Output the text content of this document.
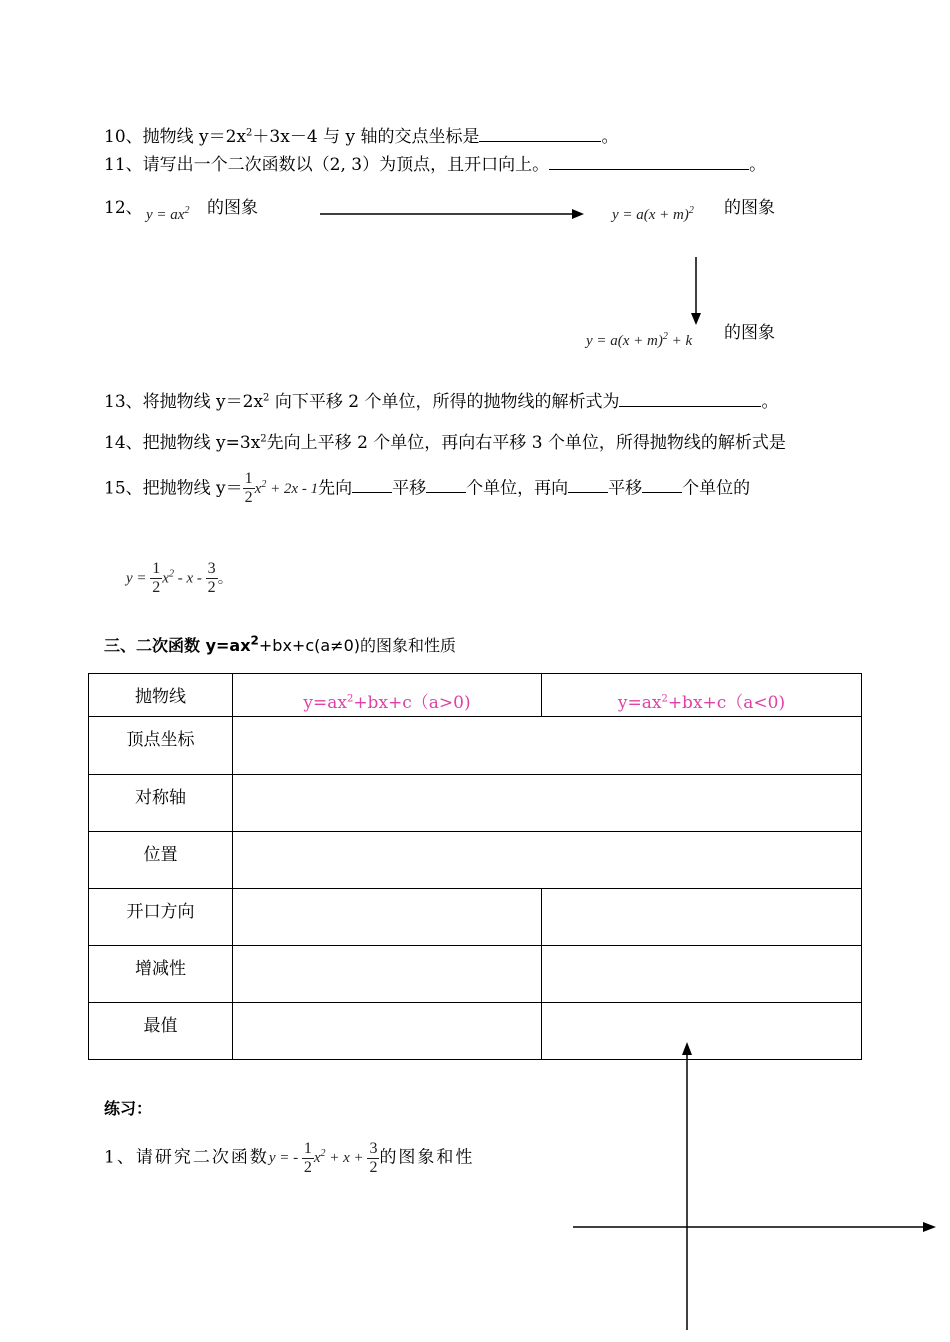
10、抛物线 $y=2x^2+3x-4$ 与 y 轴的交点坐标是	。
11、请写出一个二次函数以（2, 3）为顶点，且开口向上。	。
12、 $y = ax^2$ 的图象	$y = a(x + m)^2$ 的图象
$y = a(x + m)^2 + k$ 的图象
13、将抛物线 $y=2x^2$ 向下平移 2 个单位，所得的抛物线的解析式为	。
14、把抛物线 $y=3x^2$先向上平移 2 个单位，再向右平移 3 个单位，所得抛物线的解析式是
15、把抛物线 $y= \frac{1}{2} x^2 + 2x - 1$先向 平移 个单位，再向 平移 个单位的
$y = \frac{1}{2} x^2 - x - \frac{3}{2}$ 。
三、二次函数 $y=ax^2+bx+c(a\ne 0)$的图象和性质
抛物线	$y=ax^2+bx+c(a>0)$	$y=ax^2+bx+c(a<0)$
顶点坐标		
对称轴		
位置		
开口方向		
增减性		
最值		
练习：
1、请研究二次函数y = - $\frac{1}{2} x^2 + x + \frac{3}{2}$ 的图象和性
